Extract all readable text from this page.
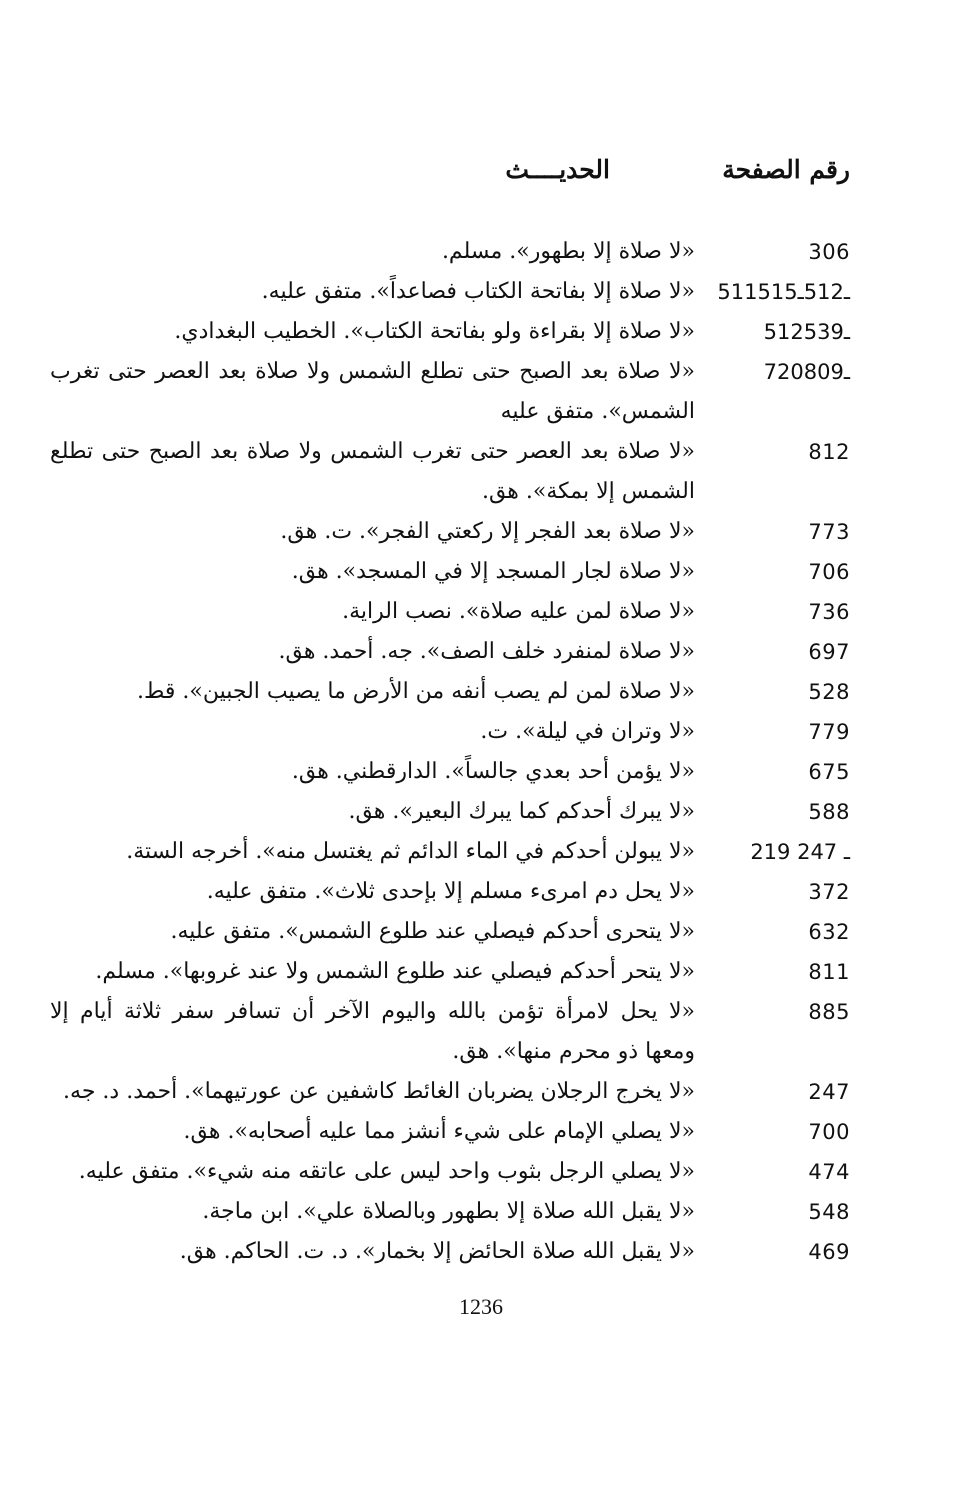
رقم الصفحة
الحديــــث
306
«لا صلاة إلا بطهور». مسلم.
511ـ512ـ515
«لا صلاة إلا بفاتحة الكتاب فصاعداً». متفق عليه.
512ـ539
«لا صلاة إلا بقراءة ولو بفاتحة الكتاب». الخطيب البغدادي.
720ـ809
«لا صلاة بعد الصبح حتى تطلع الشمس ولا صلاة بعد العصر حتى تغرب الشمس». متفق عليه
812
«لا صلاة بعد العصر حتى تغرب الشمس ولا صلاة بعد الصبح حتى تطلع الشمس إلا بمكة». هق.
773
«لا صلاة بعد الفجر إلا ركعتي الفجر». ت. هق.
706
«لا صلاة لجار المسجد إلا في المسجد». هق.
736
«لا صلاة لمن عليه صلاة». نصب الراية.
697
«لا صلاة لمنفرد خلف الصف». جه. أحمد. هق.
528
«لا صلاة لمن لم يصب أنفه من الأرض ما يصيب الجبين». قط.
779
«لا وتران في ليلة». ت.
675
«لا يؤمن أحد بعدي جالساً». الدارقطني. هق.
588
«لا يبرك أحدكم كما يبرك البعير». هق.
219 ـ 247
«لا يبولن أحدكم في الماء الدائم ثم يغتسل منه». أخرجه الستة.
372
«لا يحل دم امرىء مسلم إلا بإحدى ثلاث». متفق عليه.
632
«لا يتحرى أحدكم فيصلي عند طلوع الشمس». متفق عليه.
811
«لا يتحر أحدكم فيصلي عند طلوع الشمس ولا عند غروبها». مسلم.
885
«لا يحل لامرأة تؤمن بالله واليوم الآخر أن تسافر سفر ثلاثة أيام إلا ومعها ذو محرم منها». هق.
247
«لا يخرج الرجلان يضربان الغائط كاشفين عن عورتيهما». أحمد. د. جه.
700
«لا يصلي الإمام على شيء أنشز مما عليه أصحابه». هق.
474
«لا يصلي الرجل بثوب واحد ليس على عاتقه منه شيء». متفق عليه.
548
«لا يقبل الله صلاة إلا بطهور وبالصلاة علي». ابن ماجة.
469
«لا يقبل الله صلاة الحائض إلا بخمار». د. ت. الحاكم. هق.
1236
